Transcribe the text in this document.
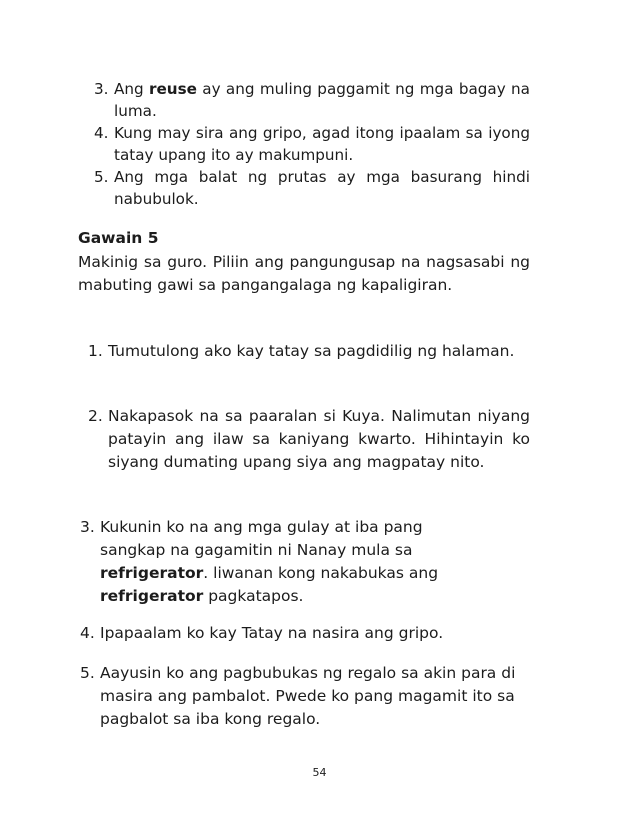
3. Ang reuse ay ang muling paggamit ng mga bagay na luma.
4. Kung may sira ang gripo, agad itong ipaalam sa iyong tatay upang ito ay makumpuni.
5. Ang mga balat ng prutas ay mga basurang hindi nabubulok.
Gawain 5
Makinig sa guro. Piliin ang pangungusap na nagsasabi ng mabuting gawi sa pangangalaga ng kapaligiran.
1. Tumutulong ako kay tatay sa pagdidilig ng halaman.
2. Nakapasok na sa paaralan si Kuya. Nalimutan niyang patayin ang ilaw sa kaniyang kwarto. Hihintayin ko siyang dumating upang siya ang magpatay nito.
3. Kukunin ko na ang mga gulay at iba pang sangkap na gagamitin ni Nanay mula sa refrigerator. liwanan kong nakabukas ang refrigerator pagkatapos.
4. Ipapaalam ko kay Tatay na nasira ang gripo.
5. Aayusin ko ang pagbubukas ng regalo sa akin para di masira ang pambalot. Pwede ko pang magamit ito sa pagbalot sa iba kong regalo.
54
